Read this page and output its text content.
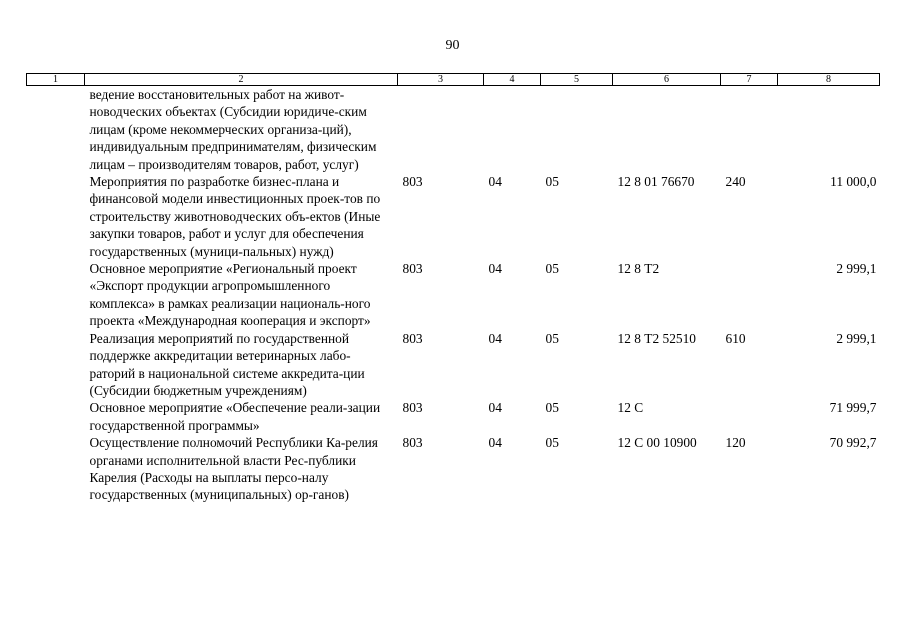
90
1	2	3	4	5	6	7	8
	ведение восстановительных работ на живот-новодческих объектах (Субсидии юридиче-ским лицам (кроме некоммерческих организа-ций), индивидуальным предпринимателям, физическим лицам – производителям товаров, работ, услуг)						
	Мероприятия по разработке бизнес-плана и финансовой модели инвестиционных проек-тов по строительству животноводческих объ-ектов (Иные закупки товаров, работ и услуг для обеспечения государственных (муници-пальных) нужд)	803	04	05	12 8 01 76670	240	11 000,0
	Основное мероприятие «Региональный проект «Экспорт продукции агропромышленного комплекса» в рамках реализации националь-ного проекта «Международная кооперация и экспорт»	803	04	05	12 8 Т2		2 999,1
	Реализация мероприятий по государственной поддержке аккредитации ветеринарных лабо-раторий в национальной системе аккредита-ции (Субсидии бюджетным учреждениям)	803	04	05	12 8 Т2 52510	610	2 999,1
	Основное мероприятие «Обеспечение реали-зации государственной программы»	803	04	05	12 С		71 999,7
	Осуществление полномочий Республики Ка-релия органами исполнительной власти Рес-публики Карелия (Расходы на выплаты персо-налу государственных (муниципальных) ор-ганов)	803	04	05	12 С 00 10900	120	70 992,7
